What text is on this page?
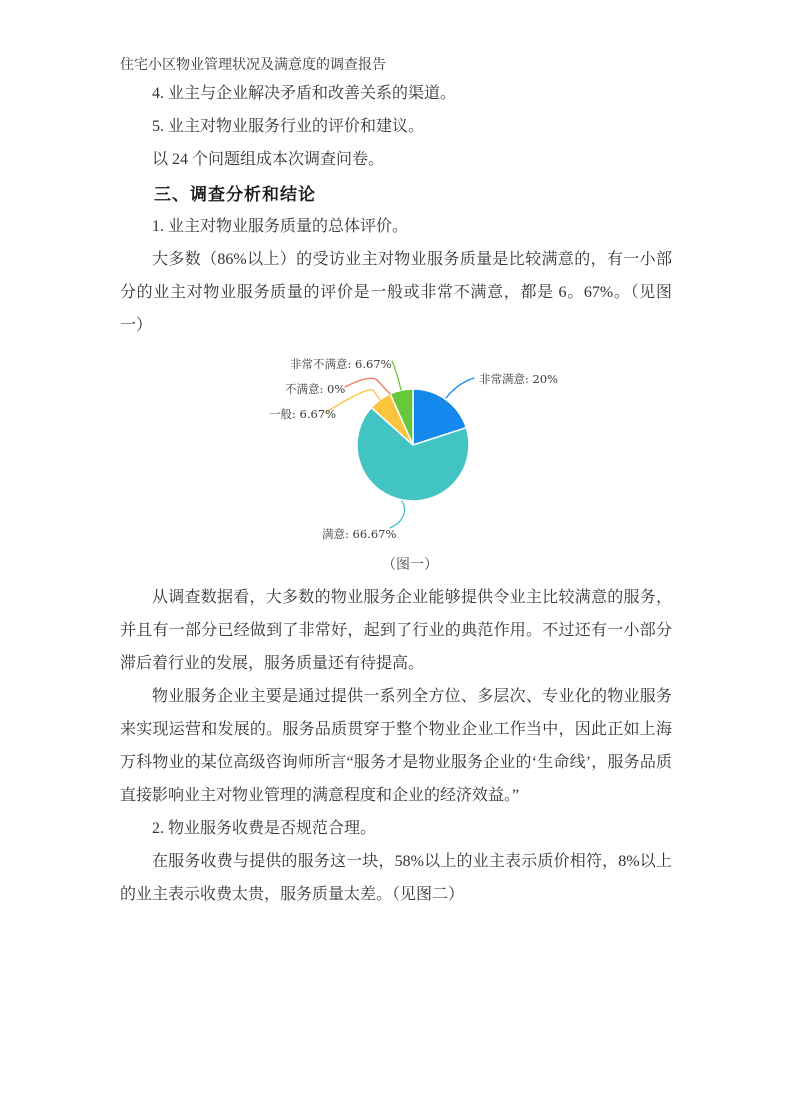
住宅小区物业管理状况及满意度的调查报告

4. 业主与企业解决矛盾和改善关系的渠道。

5. 业主对物业服务行业的评价和建议。

以 24 个问题组成本次调查问卷。

三、调查分析和结论

1. 业主对物业服务质量的总体评价。

大多数（86%以上）的受访业主对物业服务质量是比较满意的，有一小部分的业主对物业服务质量的评价是一般或非常不满意，都是 6。67%。（见图一）

非常满意: 20%
满意: 66.67%
一般: 6.67%
不满意: 0%
非常不满意: 6.67%

（图一）

从调查数据看，大多数的物业服务企业能够提供令业主比较满意的服务，并且有一部分已经做到了非常好，起到了行业的典范作用。不过还有一小部分滞后着行业的发展，服务质量还有待提高。

物业服务企业主要是通过提供一系列全方位、多层次、专业化的物业服务来实现运营和发展的。服务品质贯穿于整个物业企业工作当中，因此正如上海万科物业的某位高级咨询师所言“服务才是物业服务企业的‘生命线’，服务品质直接影响业主对物业管理的满意程度和企业的经济效益。”

2. 物业服务收费是否规范合理。

在服务收费与提供的服务这一块，58%以上的业主表示质价相符，8%以上的业主表示收费太贵，服务质量太差。（见图二）
